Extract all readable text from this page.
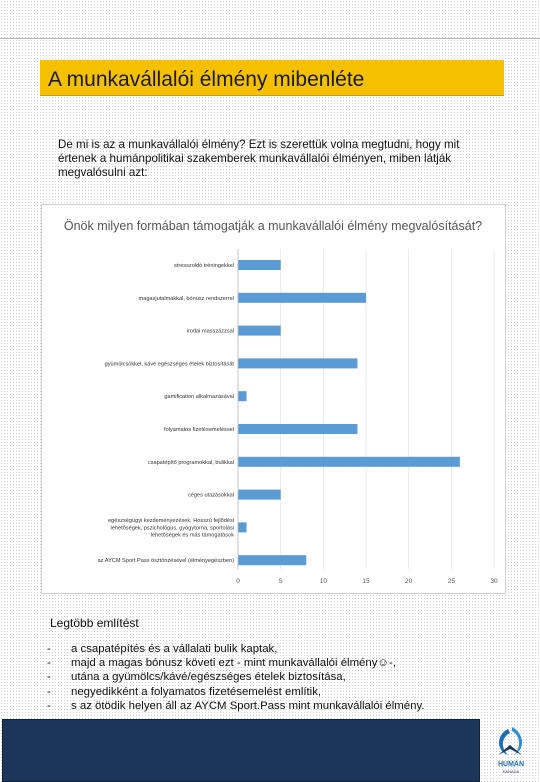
A munkavállalói élmény mibenléte
De mi is az a munkavállalói élmény? Ezt is szerettük volna megtudni, hogy mit értenek a humánpolitikai szakemberek munkavállalói élményen, miben látják megvalósulni azt:
Önök milyen formában támogatják a munkavállalói élmény megvalósítását?
0	5	10	15	20	25	30
stresszoldó tréningekkel
magasjutalmakkal, bónusz rendszerrel
irodai masszázzsal
gyümölcsökkel, kávé egészséges ételek biztosítását
gamification alkalmazásával
folyamatos fizetésemeléssel
csapatépítő programokkal, bulikkal
céges utazásokkal
egészségügyi kezdeményezések, Hosszú fejlődési lehetőségek, pszichológus, gyógytorna, sportolási lehetőségek és más támogatások
az AYCM Sport Pass ösztönzésével (élményegészben)
Legtöbb említést
- a csapatépítés és a vállalati bulik kaptak,
- majd a magas bónusz követi ezt - mint munkavállalói élmény☺-,
- utána a gyümölcs/kávé/egészséges ételek biztosítása,
- negyedikként a folyamatos fizetésemelést említik,
- s az ötödik helyen áll az AYCM Sport.Pass mint munkavállalói élmény.
HUMÁN
KANADA
